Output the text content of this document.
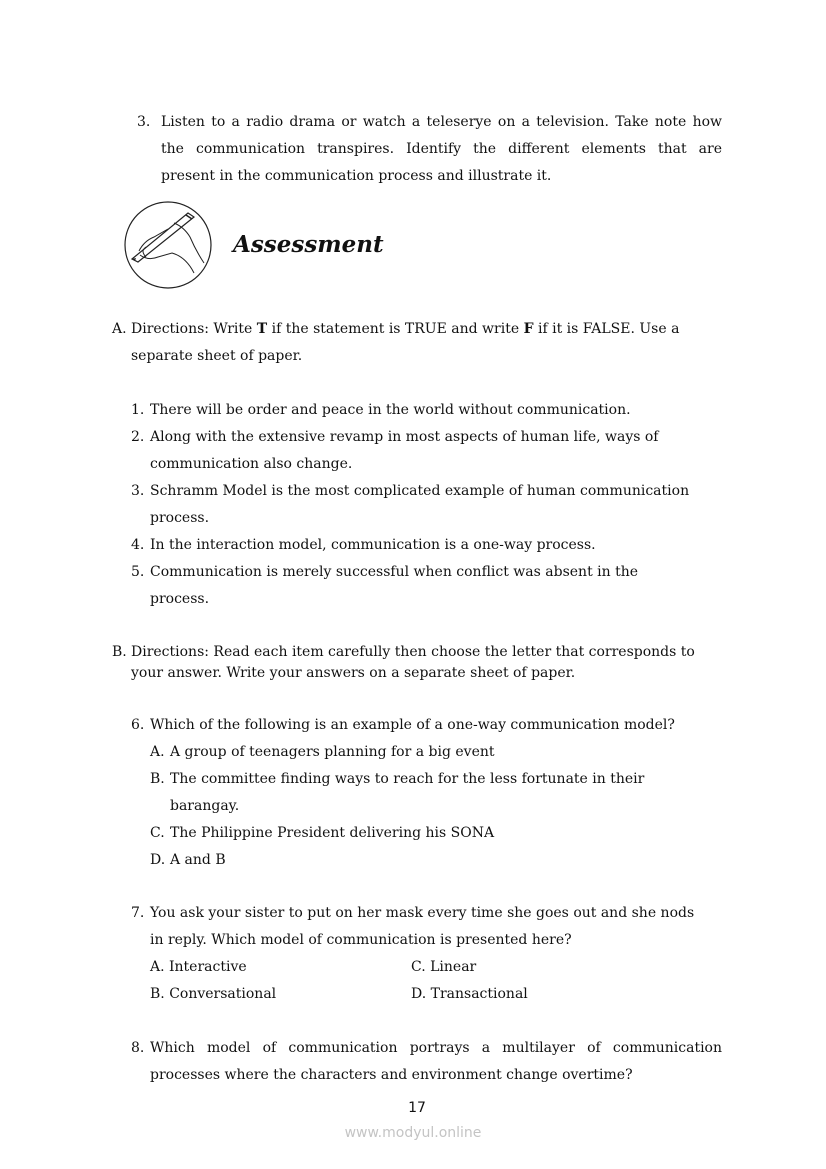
3. Listen to a radio drama or watch a teleserye on a television. Take note how
the communication transpires. Identify the different elements that are
present in the communication process and illustrate it.
Assessment
A. Directions: Write T if the statement is TRUE and write F if it is FALSE. Use a
separate sheet of paper.
1. There will be order and peace in the world without communication.
2. Along with the extensive revamp in most aspects of human life, ways of
communication also change.
3. Schramm Model is the most complicated example of human communication
process.
4. In the interaction model, communication is a one-way process.
5. Communication is merely successful when conflict was absent in the
process.
B. Directions: Read each item carefully then choose the letter that corresponds to
your answer. Write your answers on a separate sheet of paper.
6. Which of the following is an example of a one-way communication model?
A. A group of teenagers planning for a big event
B. The committee finding ways to reach for the less fortunate in their
barangay.
C. The Philippine President delivering his SONA
D. A and B
7. You ask your sister to put on her mask every time she goes out and she nods
in reply. Which model of communication is presented here?
A. Interactive	C. Linear
B. Conversational	D. Transactional
8. Which model of communication portrays a multilayer of communication
processes where the characters and environment change overtime?
17
www.modyul.online
